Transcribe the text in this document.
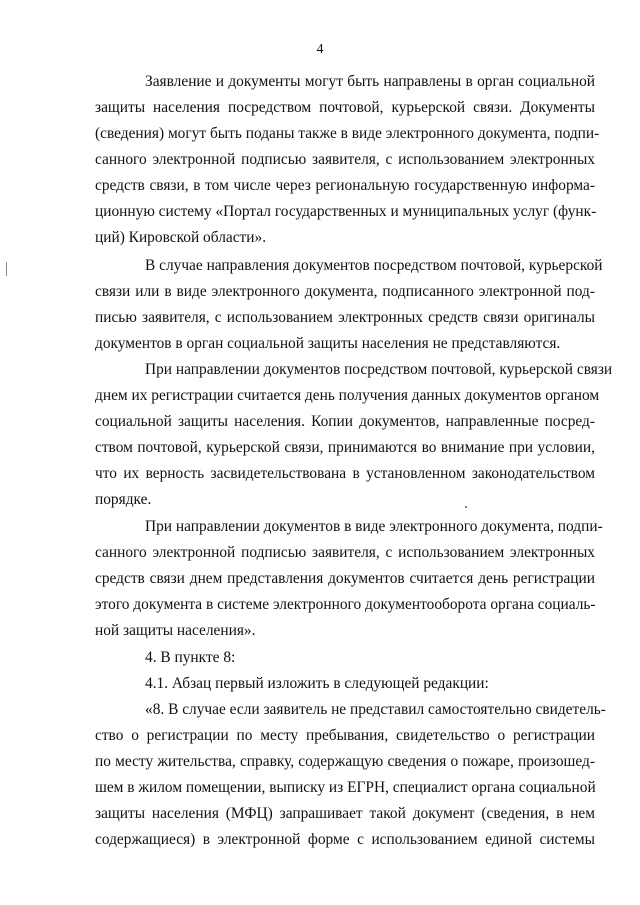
4
Заявление и документы могут быть направлены в орган социальной
защиты населения посредством почтовой, курьерской связи. Документы
(сведения) могут быть поданы также в виде электронного документа, подпи-
санного электронной подписью заявителя, с использованием электронных
средств связи, в том числе через региональную государственную информа-
ционную систему «Портал государственных и муниципальных услуг (функ-
ций) Кировской области».
В случае направления документов посредством почтовой, курьерской
связи или в виде электронного документа, подписанного электронной под-
писью заявителя, с использованием электронных средств связи оригиналы
документов в орган социальной защиты населения не представляются.
При направлении документов посредством почтовой, курьерской связи
днем их регистрации считается день получения данных документов органом
социальной защиты населения. Копии документов, направленные посред-
ством почтовой, курьерской связи, принимаются во внимание при условии,
что их верность засвидетельствована в установленном законодательством
порядке.
При направлении документов в виде электронного документа, подпи-
санного электронной подписью заявителя, с использованием электронных
средств связи днем представления документов считается день регистрации
этого документа в системе электронного документооборота органа социаль-
ной защиты населения».
4. В пункте 8:
4.1. Абзац первый изложить в следующей редакции:
«8. В случае если заявитель не представил самостоятельно свидетель-
ство о регистрации по месту пребывания, свидетельство о регистрации
по месту жительства, справку, содержащую сведения о пожаре, произошед-
шем в жилом помещении, выписку из ЕГРН, специалист органа социальной
защиты населения (МФЦ) запрашивает такой документ (сведения, в нем
содержащиеся) в электронной форме с использованием единой системы
